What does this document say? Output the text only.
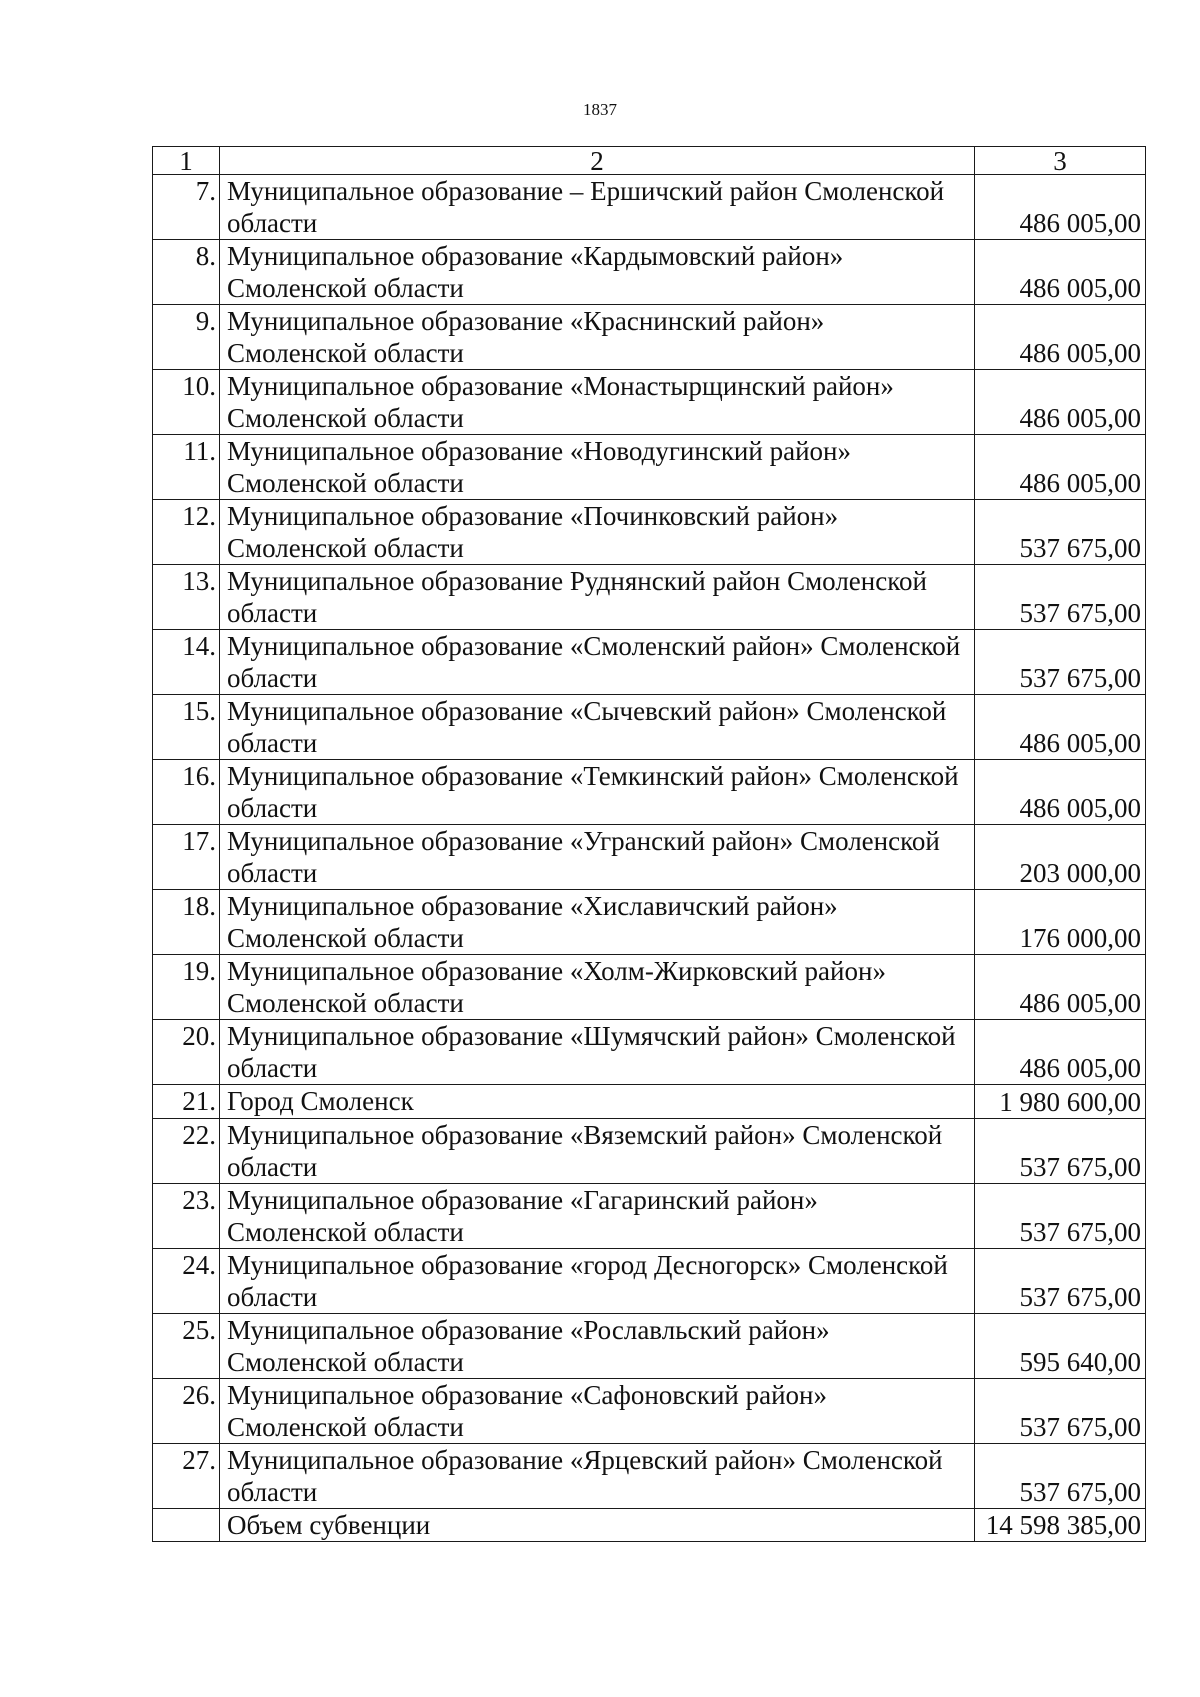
1837
1	2	3
7.	Муниципальное образование – Ершичский район Смоленской
области	486 005,00
8.	Муниципальное образование «Кардымовский район»
Смоленской области	486 005,00
9.	Муниципальное образование «Краснинский район»
Смоленской области	486 005,00
10.	Муниципальное образование «Монастырщинский район»
Смоленской области	486 005,00
11.	Муниципальное образование «Новодугинский район»
Смоленской области	486 005,00
12.	Муниципальное образование «Починковский район»
Смоленской области	537 675,00
13.	Муниципальное образование Руднянский район Смоленской
области	537 675,00
14.	Муниципальное образование «Смоленский район» Смоленской
области	537 675,00
15.	Муниципальное образование «Сычевский район» Смоленской
области	486 005,00
16.	Муниципальное образование «Темкинский район» Смоленской
области	486 005,00
17.	Муниципальное образование «Угранский район» Смоленской
области	203 000,00
18.	Муниципальное образование «Хиславичский район»
Смоленской области	176 000,00
19.	Муниципальное образование «Холм-Жирковский район»
Смоленской области	486 005,00
20.	Муниципальное образование «Шумячский район» Смоленской
области	486 005,00
21.	Город Смоленск	1 980 600,00
22.	Муниципальное образование «Вяземский район» Смоленской
области	537 675,00
23.	Муниципальное образование «Гагаринский район»
Смоленской области	537 675,00
24.	Муниципальное образование «город Десногорск» Смоленской
области	537 675,00
25.	Муниципальное образование «Рославльский район»
Смоленской области	595 640,00
26.	Муниципальное образование «Сафоновский район»
Смоленской области	537 675,00
27.	Муниципальное образование «Ярцевский район» Смоленской
области	537 675,00
	Объем субвенции	14 598 385,00
